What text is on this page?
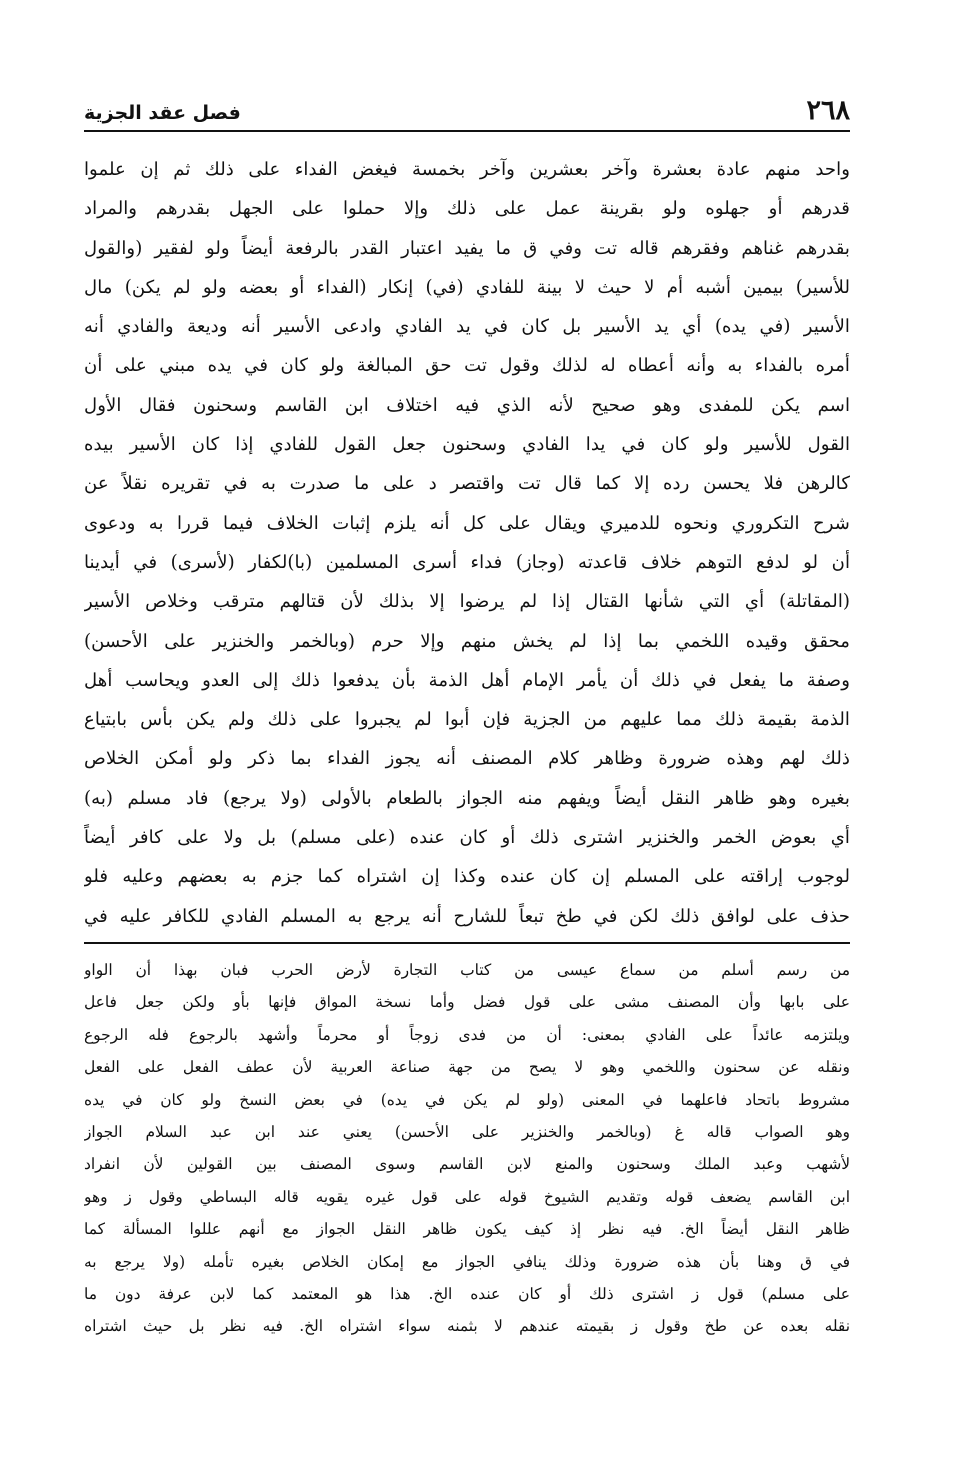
٢٦٨
فصل عقد الجزية
واحد منهم عادة بعشرة وآخر بعشرين وآخر بخمسة فيغض الفداء على ذلك ثم إن علموا
قدرهم أو جهلوه ولو بقرينة عمل على ذلك وإلا حملوا على الجهل بقدرهم والمراد
بقدرهم غناهم وفقرهم قاله تت وفي ق ما يفيد اعتبار القدر بالرفعة أيضاً ولو لفقير (والقول
للأسير) بيمين أشبه أم لا حيث لا بينة للفادي (في) إنكار (الفداء أو بعضه ولو لم يكن) مال
الأسير (في يده) أي يد الأسير بل كان في يد الفادي وادعى الأسير أنه وديعة والفادي أنه
أمره بالفداء به وأنه أعطاه له لذلك وقول تت حق المبالغة ولو كان في يده مبني على أن
اسم يكن للمفدى وهو صحيح لأنه الذي فيه اختلاف ابن القاسم وسحنون فقال الأول
القول للأسير ولو كان في يدا الفادي وسحنون جعل القول للفادي إذا كان الأسير بيده
كالرهن فلا يحسن رده إلا كما قال تت واقتصر د على ما صدرت به في تقريره نقلاً عن
شرح التكروري ونحوه للدميري ويقال على كل أنه يلزم إثبات الخلاف فيما قررا به ودعوى
أن لو لدفع التوهم خلاف قاعدته (وجاز) فداء أسرى المسلمين (با)لكفار (لأسرى) في أيدينا
(المقاتلة) أي التي شأنها القتال إذا لم يرضوا إلا بذلك لأن قتالهم مترقب وخلاص الأسير
محقق وقيده اللخمي بما إذا لم يخش منهم وإلا حرم (وبالخمر والخنزير على الأحسن)
وصفة ما يفعل في ذلك أن يأمر الإمام أهل الذمة بأن يدفعوا ذلك إلى العدو ويحاسب أهل
الذمة بقيمة ذلك مما عليهم من الجزية فإن أبوا لم يجبروا على ذلك ولم يكن بأس بابتياع
ذلك لهم وهذه ضرورة وظاهر كلام المصنف أنه يجوز الفداء بما ذكر ولو أمكن الخلاص
بغيره وهو ظاهر النقل أيضاً ويفهم منه الجواز بالطعام بالأولى (ولا يرجع) فاد مسلم (به)
أي بعوض الخمر والخنزير اشترى ذلك أو كان عنده (على مسلم) بل ولا على كافر أيضاً
لوجوب إراقته على المسلم إن كان عنده وكذا إن اشتراه كما جزم به بعضهم وعليه فلو
حذف على لوافق ذلك لكن في طخ تبعاً للشارح أنه يرجع به المسلم الفادي للكافر عليه في
من رسم أسلم من سماع عيسى من كتاب التجارة لأرض الحرب فبان بهذا أن الواو
على بابها وأن المصنف مشى على قول فضل وأما نسخة المواق فإنها بأو ولكن جعل فاعل
ويلتزمه عائداً على الفادي بمعنى: أن من فدى زوجاً أو محرماً وأشهد بالرجوع فله الرجوع
ونقله عن سحنون واللخمي وهو لا يصح من جهة صناعة العربية لأن عطف الفعل على الفعل
مشروط باتحاد فاعلهما في المعنى (ولو لم يكن في يده) في بعض النسخ ولو كان في يده
وهو الصواب قاله غ (وبالخمر والخنزير على الأحسن) يعني عند ابن عبد السلام الجواز
لأشهب وعبد الملك وسحنون والمنع لابن القاسم وسوى المصنف بين القولين لأن انفراد
ابن القاسم يضعف قوله وتقديم الشيوخ قوله على قول غيره يقويه قاله البساطي وقول ز وهو
ظاهر النقل أيضاً الخ. فيه نظر إذ كيف يكون ظاهر النقل الجواز مع أنهم عللوا المسألة كما
في ق وهنا بأن هذه ضرورة وذلك ينافي الجواز مع إمكان الخلاص بغيره تأمله (ولا يرجع به
على مسلم) قول ز اشترى ذلك أو كان عنده الخ. هذا هو المعتمد كما لابن عرفة دون ما
نقله بعده عن طخ وقول ز بقيمته عندهم لا بثمنه سواء اشتراه الخ. فيه نظر بل حيث اشتراه
